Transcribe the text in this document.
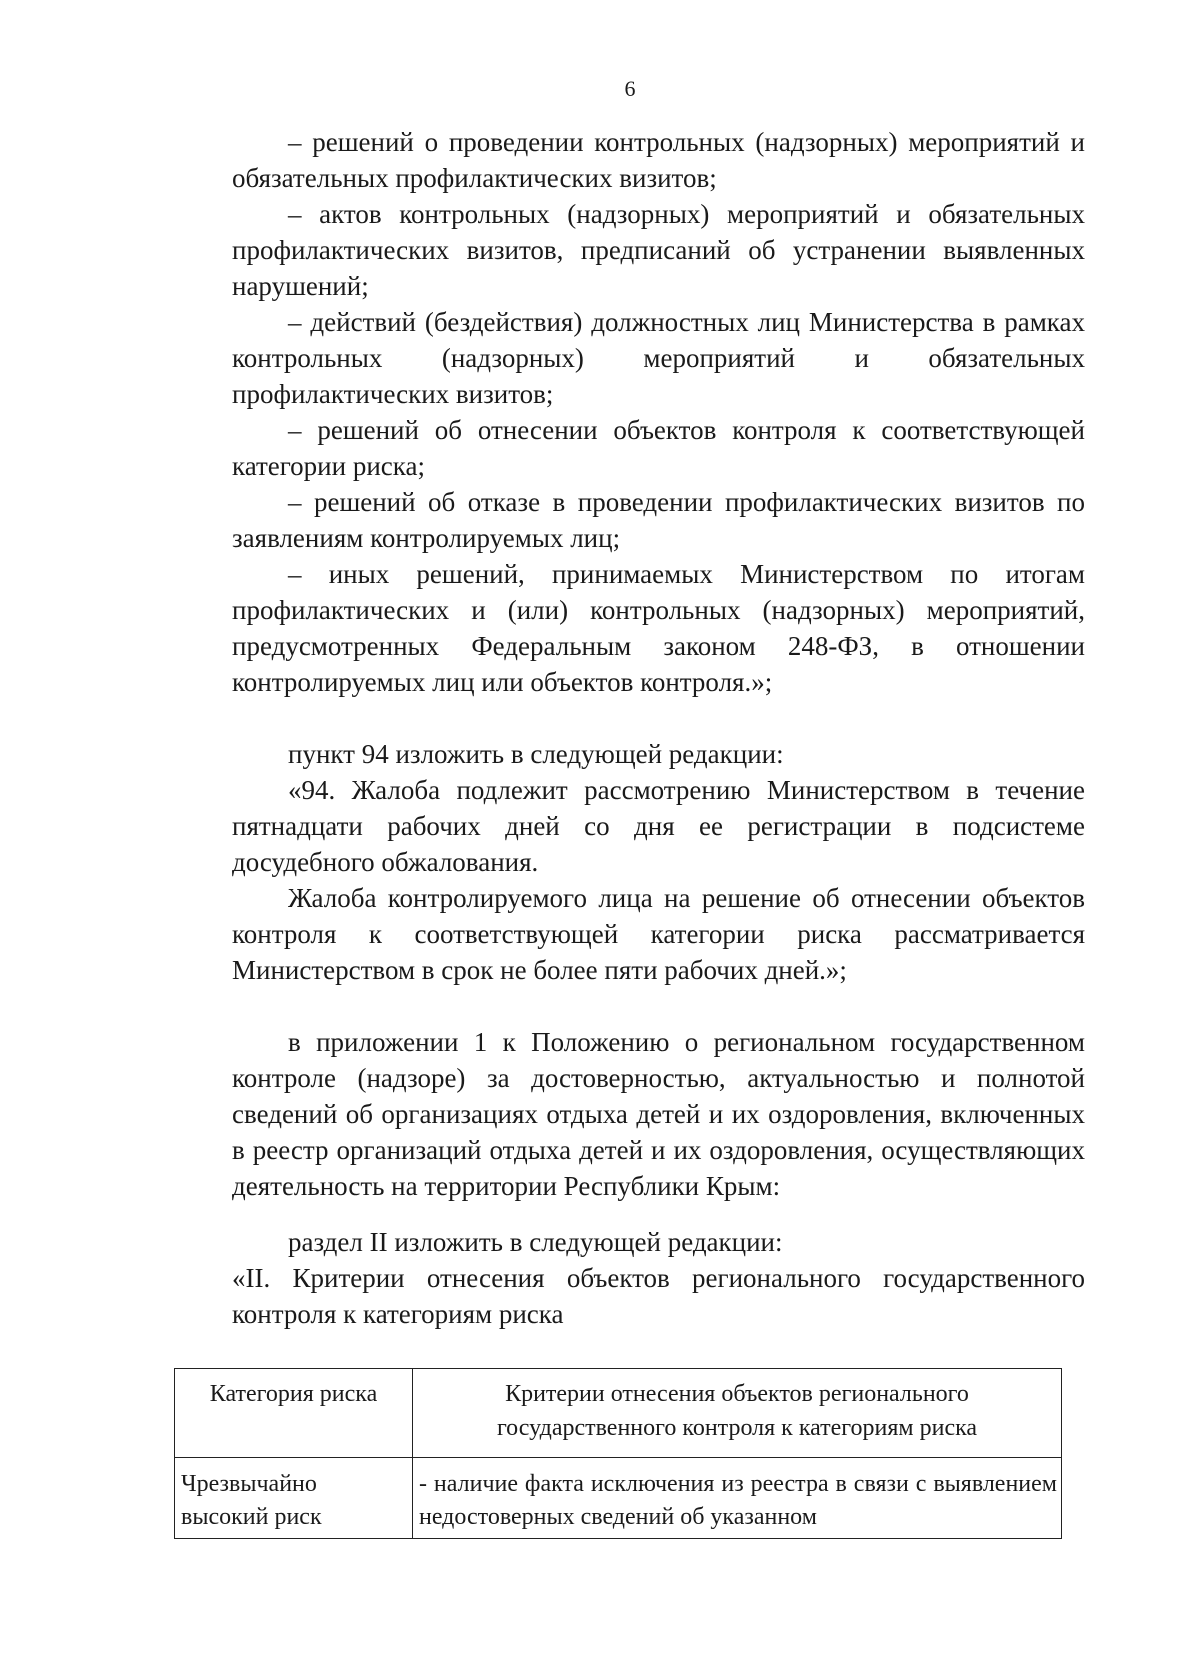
6

– решений о проведении контрольных (надзорных) мероприятий и обязательных профилактических визитов;

– актов контрольных (надзорных) мероприятий и обязательных профилактических визитов, предписаний об устранении выявленных нарушений;

– действий (бездействия) должностных лиц Министерства в рамках контрольных (надзорных) мероприятий и обязательных профилактических визитов;

– решений об отнесении объектов контроля к соответствующей категории риска;

– решений об отказе в проведении профилактических визитов по заявлениям контролируемых лиц;

– иных решений, принимаемых Министерством по итогам профилактических и (или) контрольных (надзорных) мероприятий, предусмотренных Федеральным законом 248-ФЗ, в отношении контролируемых лиц или объектов контроля.»;

пункт 94 изложить в следующей редакции:

«94. Жалоба подлежит рассмотрению Министерством в течение пятнадцати рабочих дней со дня ее регистрации в подсистеме досудебного обжалования.

Жалоба контролируемого лица на решение об отнесении объектов контроля к соответствующей категории риска рассматривается Министерством в срок не более пяти рабочих дней.»;

в приложении 1 к Положению о региональном государственном контроле (надзоре) за достоверностью, актуальностью и полнотой сведений об организациях отдыха детей и их оздоровления, включенных в реестр организаций отдыха детей и их оздоровления, осуществляющих деятельность на территории Республики Крым:

раздел II изложить в следующей редакции:

«II. Критерии отнесения объектов регионального государственного контроля к категориям риска

Категория риска	Критерии отнесения объектов регионального государственного контроля к категориям риска
Чрезвычайно высокий риск	- наличие факта исключения из реестра в связи с выявлением недостоверных сведений об указанном
